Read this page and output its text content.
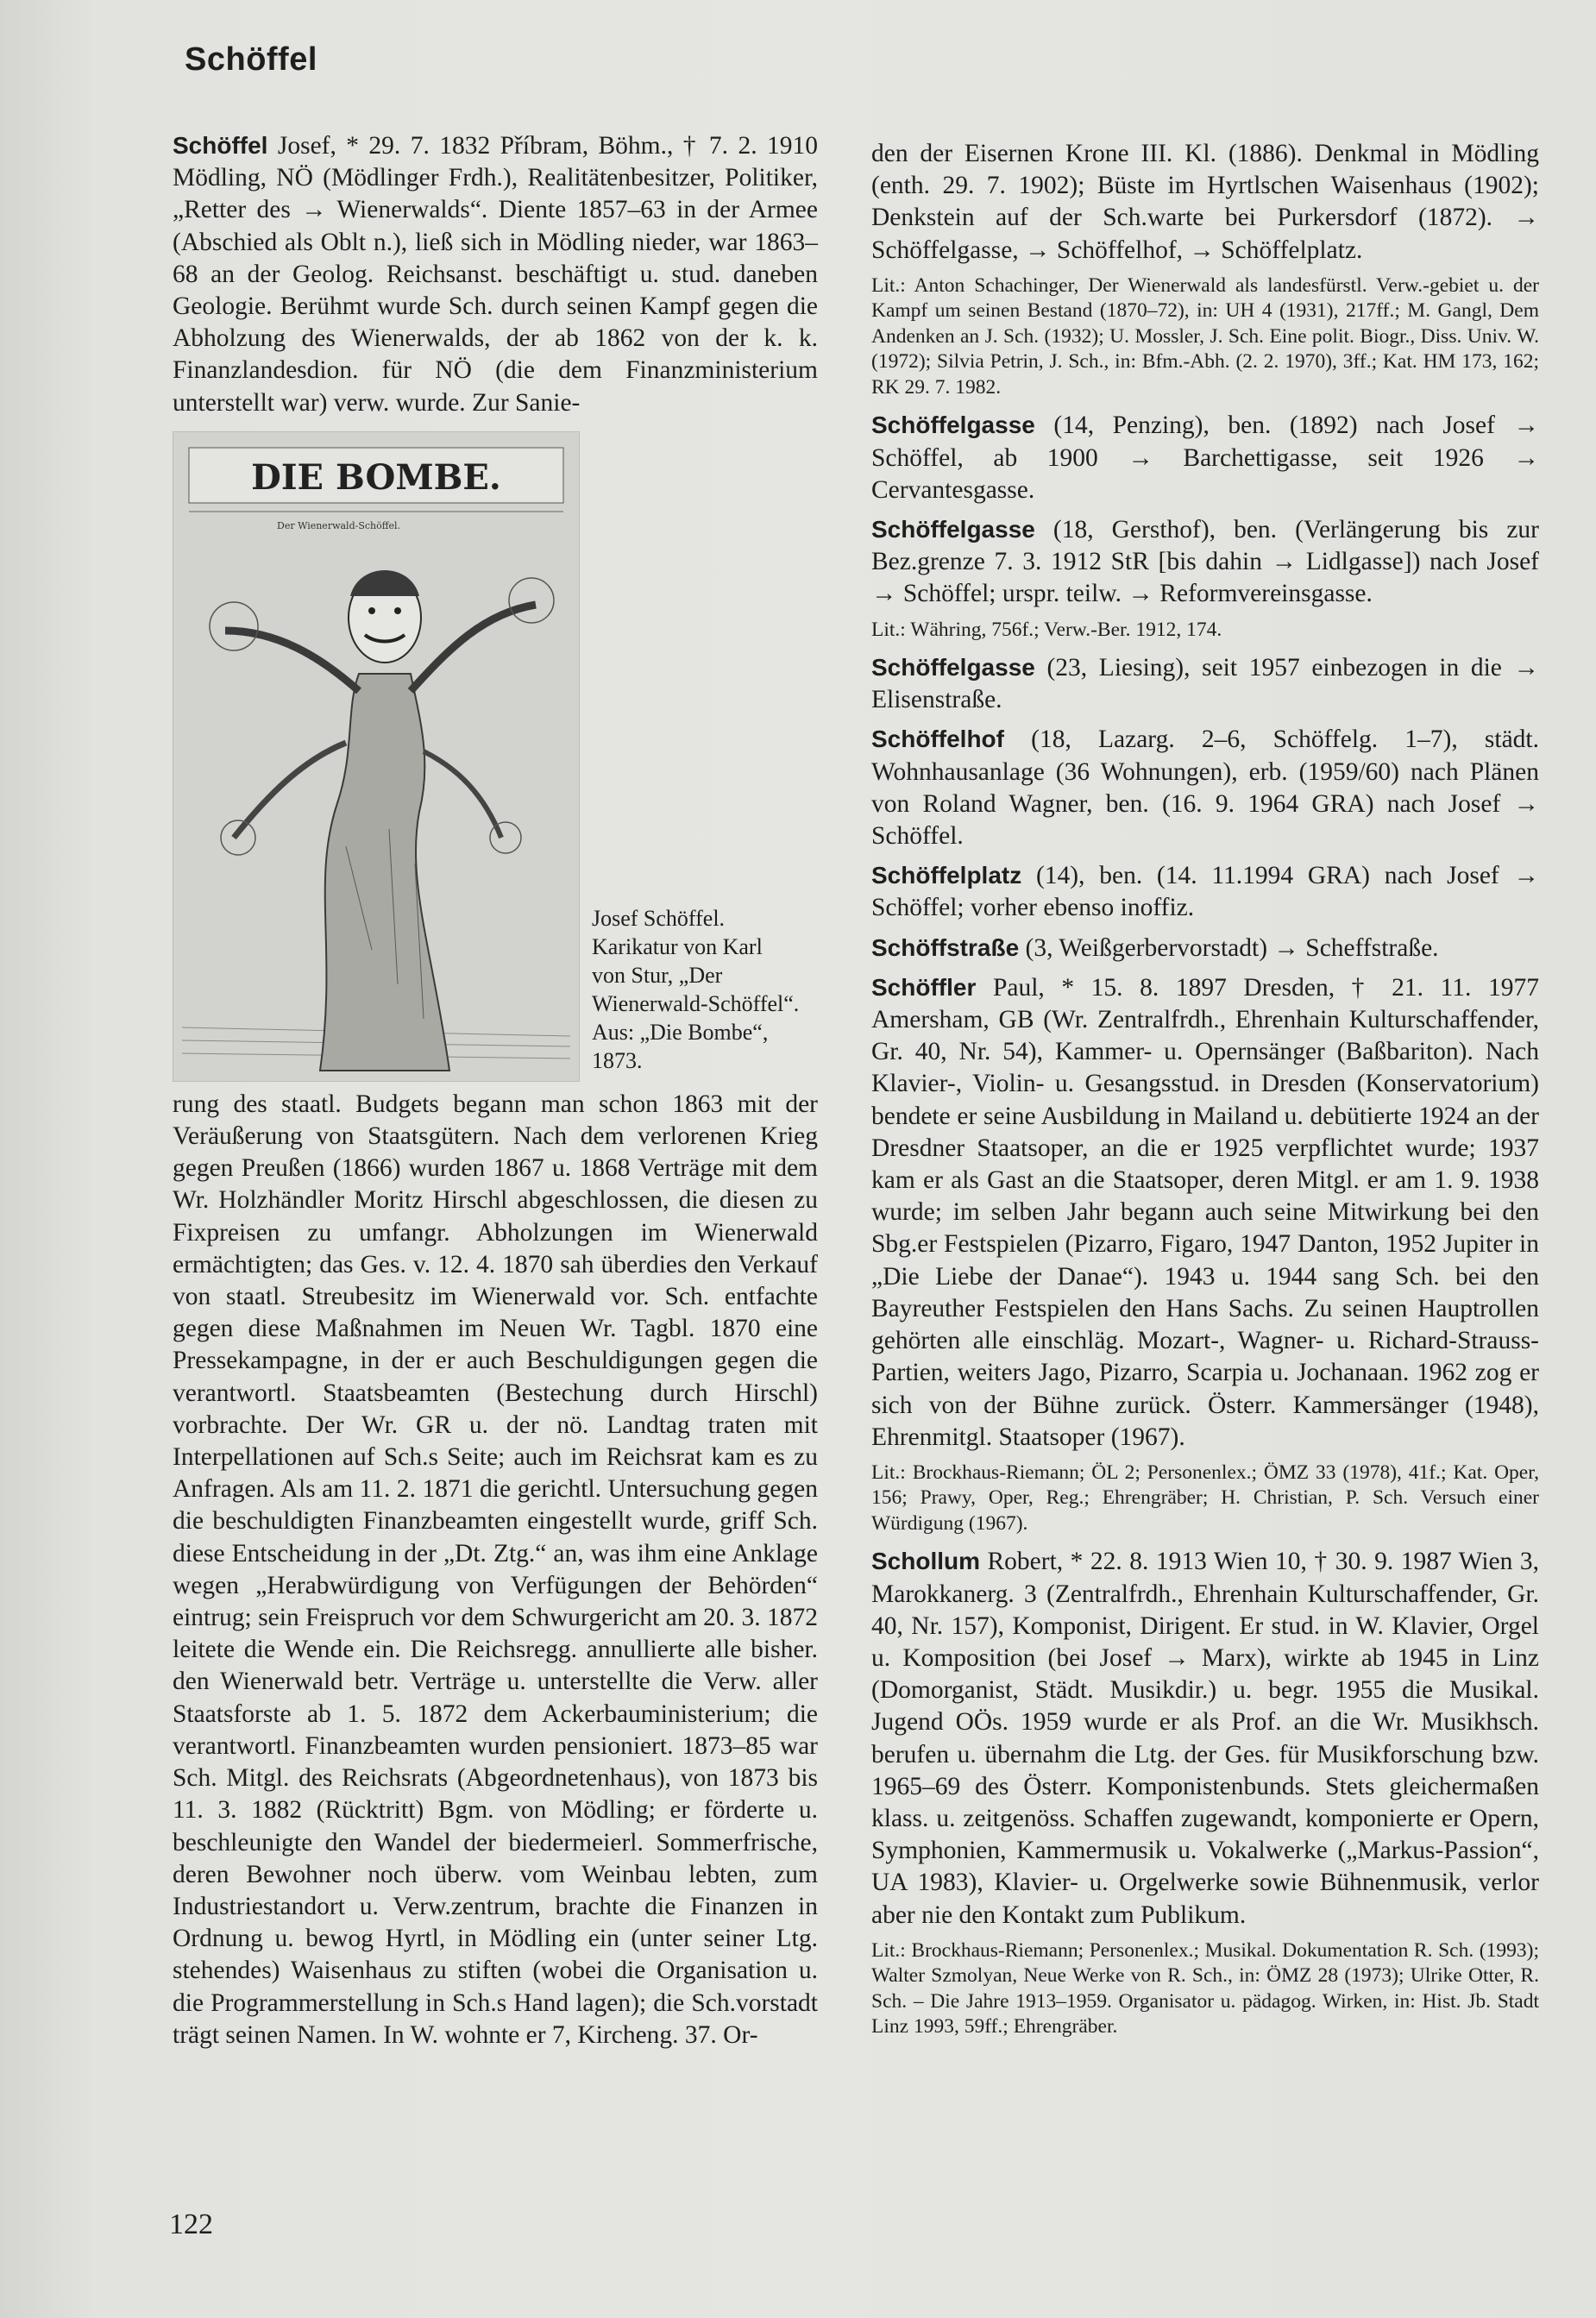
Schöffel

Schöffel Josef, * 29. 7. 1832 Příbram, Böhm., † 7. 2. 1910 Mödling, NÖ (Mödlinger Frdh.), Realitätenbesitzer, Politiker, „Retter des → Wienerwalds“. Diente 1857–63 in der Armee (Abschied als Oblt n.), ließ sich in Mödling nieder, war 1863–68 an der Geolog. Reichsanst. beschäftigt u. stud. daneben Geologie. Berühmt wurde Sch. durch seinen Kampf gegen die Abholzung des Wienerwalds, der ab 1862 von der k. k. Finanzlandesdion. für NÖ (die dem Finanzministerium unterstellt war) verw. wurde. Zur Sanie-

DIE BOMBE.
Der Wienerwald-Schöffel.
Josef Schöffel.
Karikatur von Karl
von Stur, „Der
Wienerwald-Schöffel“.
Aus: „Die Bombe“,
1873.

rung des staatl. Budgets begann man schon 1863 mit der Veräußerung von Staatsgütern. Nach dem verlorenen Krieg gegen Preußen (1866) wurden 1867 u. 1868 Verträge mit dem Wr. Holzhändler Moritz Hirschl abgeschlossen, die diesen zu Fixpreisen zu umfangr. Abholzungen im Wienerwald ermächtigten; das Ges. v. 12. 4. 1870 sah überdies den Verkauf von staatl. Streubesitz im Wienerwald vor. Sch. entfachte gegen diese Maßnahmen im Neuen Wr. Tagbl. 1870 eine Pressekampagne, in der er auch Beschuldigungen gegen die verantwortl. Staatsbeamten (Bestechung durch Hirschl) vorbrachte. Der Wr. GR u. der nö. Landtag traten mit Interpellationen auf Sch.s Seite; auch im Reichsrat kam es zu Anfragen. Als am 11. 2. 1871 die gerichtl. Untersuchung gegen die beschuldigten Finanzbeamten eingestellt wurde, griff Sch. diese Entscheidung in der „Dt. Ztg.“ an, was ihm eine Anklage wegen „Herabwürdigung von Verfügungen der Behörden“ eintrug; sein Freispruch vor dem Schwurgericht am 20. 3. 1872 leitete die Wende ein. Die Reichsregg. annullierte alle bisher. den Wienerwald betr. Verträge u. unterstellte die Verw. aller Staatsforste ab 1. 5. 1872 dem Ackerbauministerium; die verantwortl. Finanzbeamten wurden pensioniert. 1873–85 war Sch. Mitgl. des Reichsrats (Abgeordnetenhaus), von 1873 bis 11. 3. 1882 (Rücktritt) Bgm. von Mödling; er förderte u. beschleunigte den Wandel der biedermeierl. Sommerfrische, deren Bewohner noch überw. vom Weinbau lebten, zum Industriestandort u. Verw.zentrum, brachte die Finanzen in Ordnung u. bewog Hyrtl, in Mödling ein (unter seiner Ltg. stehendes) Waisenhaus zu stiften (wobei die Organisation u. die Programmerstellung in Sch.s Hand lagen); die Sch.vorstadt trägt seinen Namen. In W. wohnte er 7, Kircheng. 37. Or-

den der Eisernen Krone III. Kl. (1886). Denkmal in Mödling (enth. 29. 7. 1902); Büste im Hyrtlschen Waisenhaus (1902); Denkstein auf der Sch.warte bei Purkersdorf (1872). → Schöffelgasse, → Schöffelhof, → Schöffelplatz.

Lit.: Anton Schachinger, Der Wienerwald als landesfürstl. Verw.-gebiet u. der Kampf um seinen Bestand (1870–72), in: UH 4 (1931), 217ff.; M. Gangl, Dem Andenken an J. Sch. (1932); U. Mossler, J. Sch. Eine polit. Biogr., Diss. Univ. W. (1972); Silvia Petrin, J. Sch., in: Bfm.-Abh. (2. 2. 1970), 3ff.; Kat. HM 173, 162; RK 29. 7. 1982.

Schöffelgasse (14, Penzing), ben. (1892) nach Josef → Schöffel, ab 1900 → Barchettigasse, seit 1926 → Cervantesgasse.

Schöffelgasse (18, Gersthof), ben. (Verlängerung bis zur Bez.grenze 7. 3. 1912 StR [bis dahin → Lidlgasse]) nach Josef → Schöffel; urspr. teilw. → Reformvereinsgasse.

Lit.: Währing, 756f.; Verw.-Ber. 1912, 174.

Schöffelgasse (23, Liesing), seit 1957 einbezogen in die → Elisenstraße.

Schöffelhof (18, Lazarg. 2–6, Schöffelg. 1–7), städt. Wohnhausanlage (36 Wohnungen), erb. (1959/60) nach Plänen von Roland Wagner, ben. (16. 9. 1964 GRA) nach Josef → Schöffel.

Schöffelplatz (14), ben. (14. 11.1994 GRA) nach Josef → Schöffel; vorher ebenso inoffiz.

Schöffstraße (3, Weißgerbervorstadt) → Scheffstraße.

Schöffler Paul, * 15. 8. 1897 Dresden, † 21. 11. 1977 Amersham, GB (Wr. Zentralfrdh., Ehrenhain Kulturschaffender, Gr. 40, Nr. 54), Kammer- u. Opernsänger (Baßbariton). Nach Klavier-, Violin- u. Gesangsstud. in Dresden (Konservatorium) bendete er seine Ausbildung in Mailand u. debütierte 1924 an der Dresdner Staatsoper, an die er 1925 verpflichtet wurde; 1937 kam er als Gast an die Staatsoper, deren Mitgl. er am 1. 9. 1938 wurde; im selben Jahr begann auch seine Mitwirkung bei den Sbg.er Festspielen (Pizarro, Figaro, 1947 Danton, 1952 Jupiter in „Die Liebe der Danae“). 1943 u. 1944 sang Sch. bei den Bayreuther Festspielen den Hans Sachs. Zu seinen Hauptrollen gehörten alle einschläg. Mozart-, Wagner- u. Richard-Strauss-Partien, weiters Jago, Pizarro, Scarpia u. Jochanaan. 1962 zog er sich von der Bühne zurück. Österr. Kammersänger (1948), Ehrenmitgl. Staatsoper (1967).

Lit.: Brockhaus-Riemann; ÖL 2; Personenlex.; ÖMZ 33 (1978), 41f.; Kat. Oper, 156; Prawy, Oper, Reg.; Ehrengräber; H. Christian, P. Sch. Versuch einer Würdigung (1967).

Schollum Robert, * 22. 8. 1913 Wien 10, † 30. 9. 1987 Wien 3, Marokkanerg. 3 (Zentralfrdh., Ehrenhain Kulturschaffender, Gr. 40, Nr. 157), Komponist, Dirigent. Er stud. in W. Klavier, Orgel u. Komposition (bei Josef → Marx), wirkte ab 1945 in Linz (Domorganist, Städt. Musikdir.) u. begr. 1955 die Musikal. Jugend OÖs. 1959 wurde er als Prof. an die Wr. Musikhsch. berufen u. übernahm die Ltg. der Ges. für Musikforschung bzw. 1965–69 des Österr. Komponistenbunds. Stets gleichermaßen klass. u. zeitgenöss. Schaffen zugewandt, komponierte er Opern, Symphonien, Kammermusik u. Vokalwerke („Markus-Passion“, UA 1983), Klavier- u. Orgelwerke sowie Bühnenmusik, verlor aber nie den Kontakt zum Publikum.

Lit.: Brockhaus-Riemann; Personenlex.; Musikal. Dokumentation R. Sch. (1993); Walter Szmolyan, Neue Werke von R. Sch., in: ÖMZ 28 (1973); Ulrike Otter, R. Sch. – Die Jahre 1913–1959. Organisator u. pädagog. Wirken, in: Hist. Jb. Stadt Linz 1993, 59ff.; Ehrengräber.

122
